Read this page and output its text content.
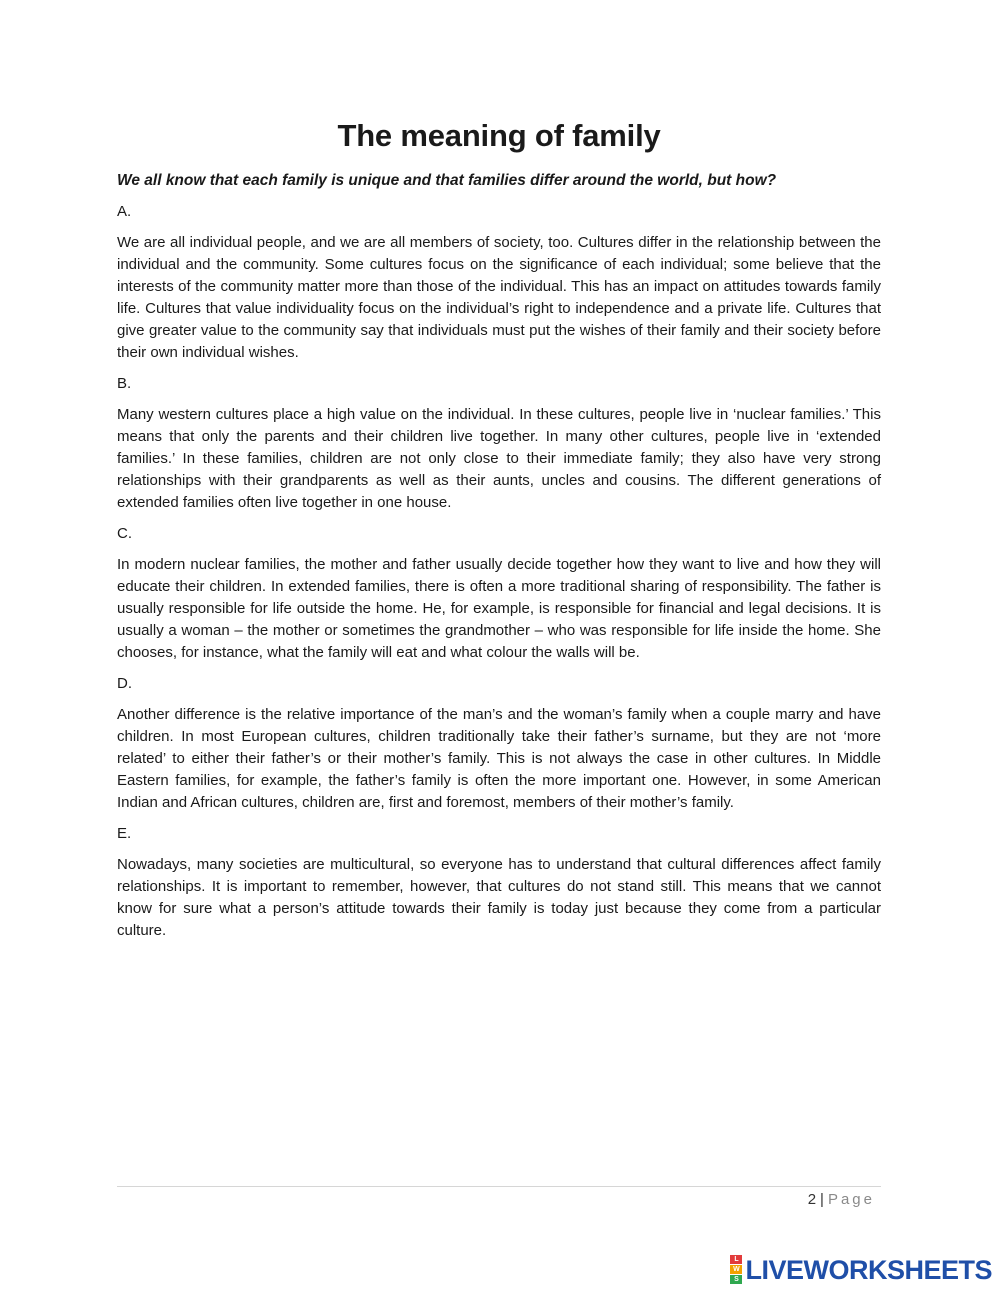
The meaning of family

We all know that each family is unique and that families differ around the world, but how?

A.

We are all individual people, and we are all members of society, too. Cultures differ in the relationship between the individual and the community. Some cultures focus on the significance of each individual; some believe that the interests of the community matter more than those of the individual. This has an impact on attitudes towards family life. Cultures that value individuality focus on the individual’s right to independence and a private life. Cultures that give greater value to the community say that individuals must put the wishes of their family and their society before their own individual wishes.

B.

Many western cultures place a high value on the individual. In these cultures, people live in ‘nuclear families.’ This means that only the parents and their children live together. In many other cultures, people live in ‘extended families.’ In these families, children are not only close to their immediate family; they also have very strong relationships with their grandparents as well as their aunts, uncles and cousins. The different generations of extended families often live together in one house.

C.

In modern nuclear families, the mother and father usually decide together how they want to live and how they will educate their children. In extended families, there is often a more traditional sharing of responsibility. The father is usually responsible for life outside the home. He, for example, is responsible for financial and legal decisions. It is usually a woman – the mother or sometimes the grandmother – who was responsible for life inside the home. She chooses, for instance, what the family will eat and what colour the walls will be.

D.

Another difference is the relative importance of the man’s and the woman’s family when a couple marry and have children. In most European cultures, children traditionally take their father’s surname, but they are not ‘more related’ to either their father’s or their mother’s family. This is not always the case in other cultures. In Middle Eastern families, for example, the father’s family is often the more important one. However, in some American Indian and African cultures, children are, first and foremost, members of their mother’s family.

E.

Nowadays, many societies are multicultural, so everyone has to understand that cultural differences affect family relationships. It is important to remember, however, that cultures do not stand still. This means that we cannot know for sure what a person’s attitude towards their family is today just because they come from a particular culture.

2 | Page
L
W
S LIVEWORKSHEETS
